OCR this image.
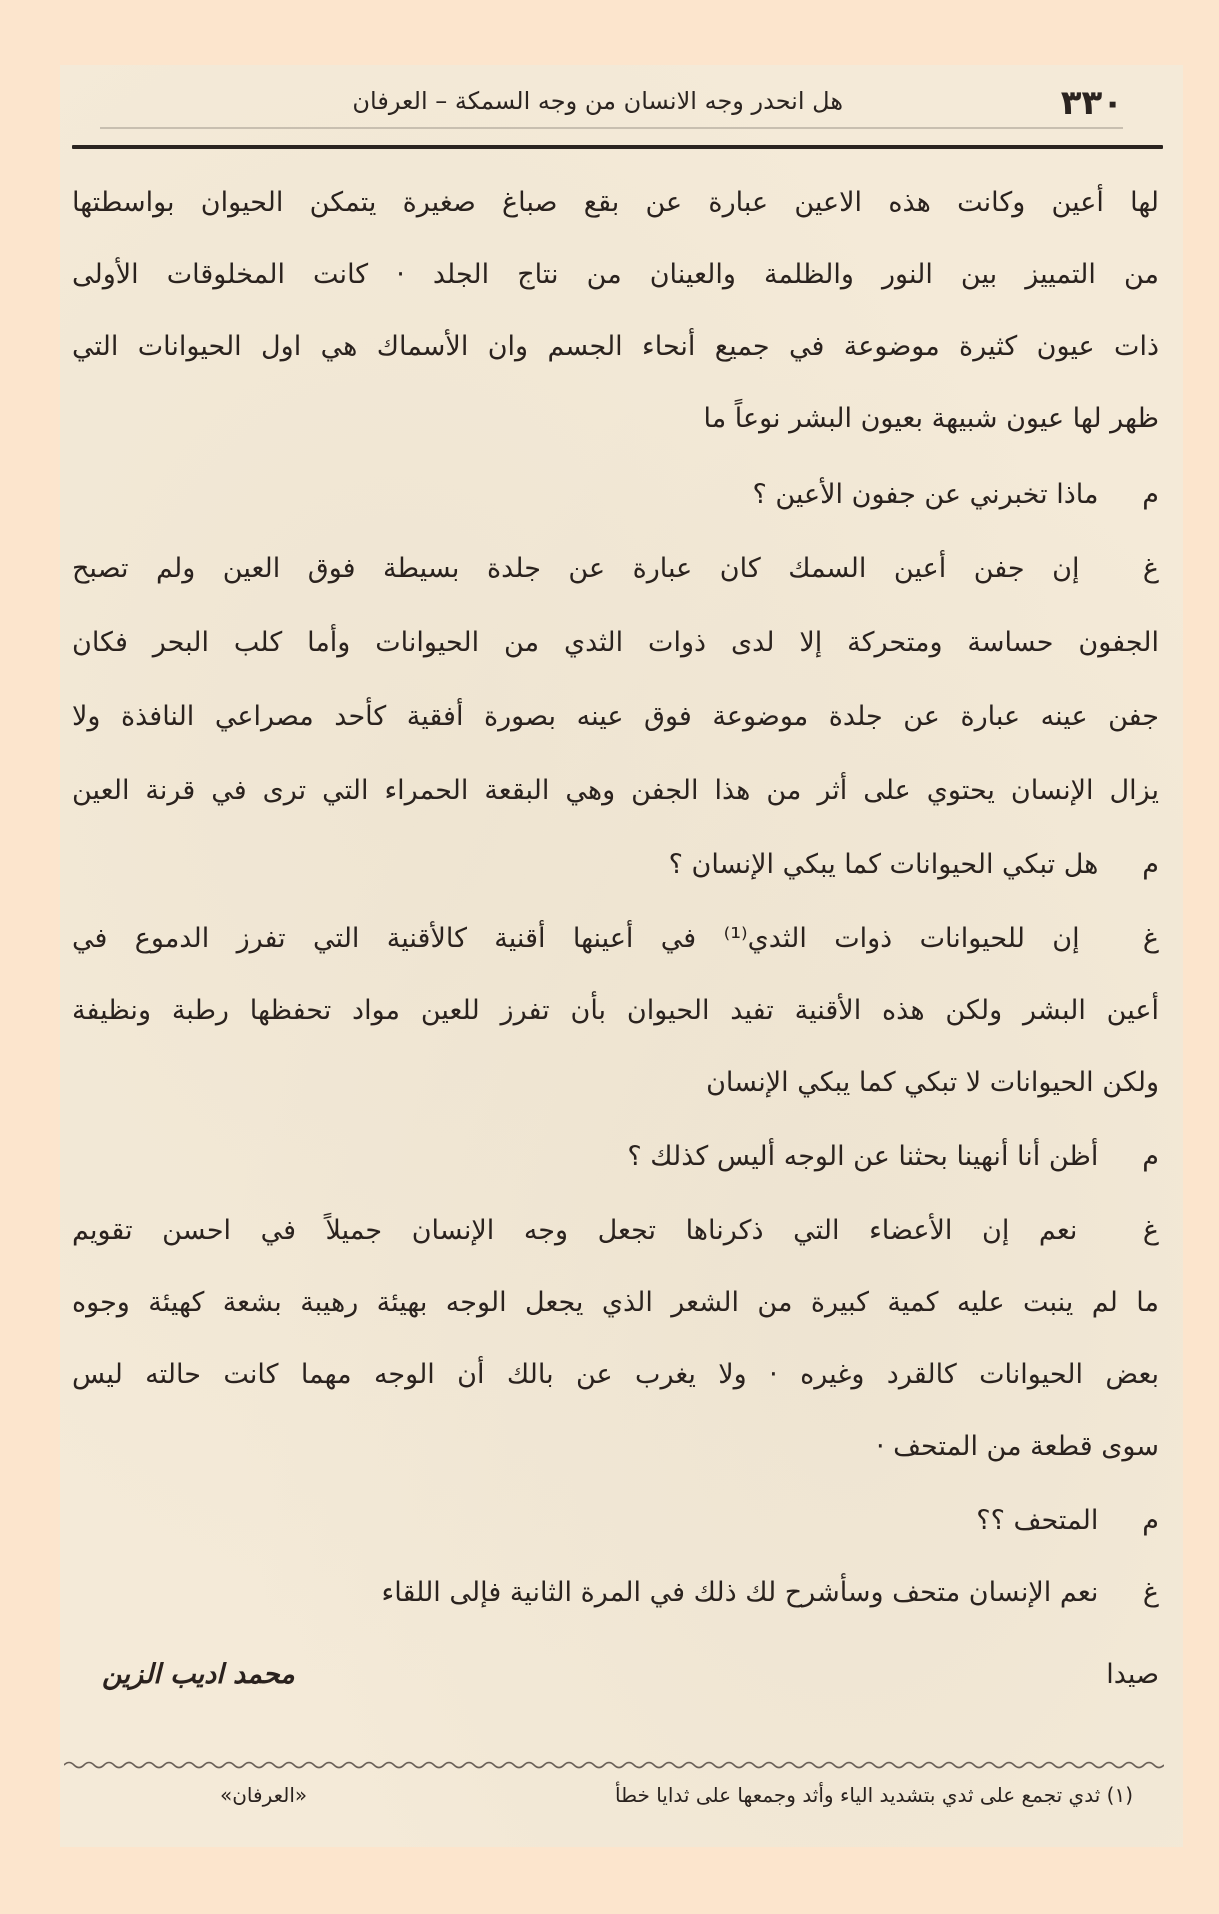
٣٣٠
هل انحدر وجه الانسان من وجه السمكة – العرفان
لها أعين وكانت هذه الاعين عبارة عن بقع صباغ صغيرة يتمكن الحيوان بواسطتها
من التمييز بين النور والظلمة والعينان من نتاج الجلد · كانت المخلوقات الأولى
ذات عيون كثيرة موضوعة في جميع أنحاء الجسم وان الأسماك هي اول الحيوانات التي
ظهر لها عيون شبيهة بعيون البشر نوعاً ما
م ماذا تخبرني عن جفون الأعين ؟
غ إن جفن أعين السمك كان عبارة عن جلدة بسيطة فوق العين ولم تصبح
الجفون حساسة ومتحركة إلا لدى ذوات الثدي من الحيوانات وأما كلب البحر فكان
جفن عينه عبارة عن جلدة موضوعة فوق عينه بصورة أفقية كأحد مصراعي النافذة ولا
يزال الإنسان يحتوي على أثر من هذا الجفن وهي البقعة الحمراء التي ترى في قرنة العين
م هل تبكي الحيوانات كما يبكي الإنسان ؟
غ إن للحيوانات ذوات الثدي⁽¹⁾ في أعينها أقنية كالأقنية التي تفرز الدموع في
أعين البشر ولكن هذه الأقنية تفيد الحيوان بأن تفرز للعين مواد تحفظها رطبة ونظيفة
ولكن الحيوانات لا تبكي كما يبكي الإنسان
م أظن أنا أنهينا بحثنا عن الوجه أليس كذلك ؟
غ نعم إن الأعضاء التي ذكرناها تجعل وجه الإنسان جميلاً في احسن تقويم
ما لم ينبت عليه كمية كبيرة من الشعر الذي يجعل الوجه بهيئة رهيبة بشعة كهيئة وجوه
بعض الحيوانات كالقرد وغيره · ولا يغرب عن بالك أن الوجه مهما كانت حالته ليس
سوى قطعة من المتحف ·
م المتحف ؟؟
غ نعم الإنسان متحف وسأشرح لك ذلك في المرة الثانية فإلى اللقاء
صيدا
محمد اديب الزين
(١) ثدي تجمع على ثدي بتشديد الياء وأثد وجمعها على ثدايا خطأ
«العرفان»
